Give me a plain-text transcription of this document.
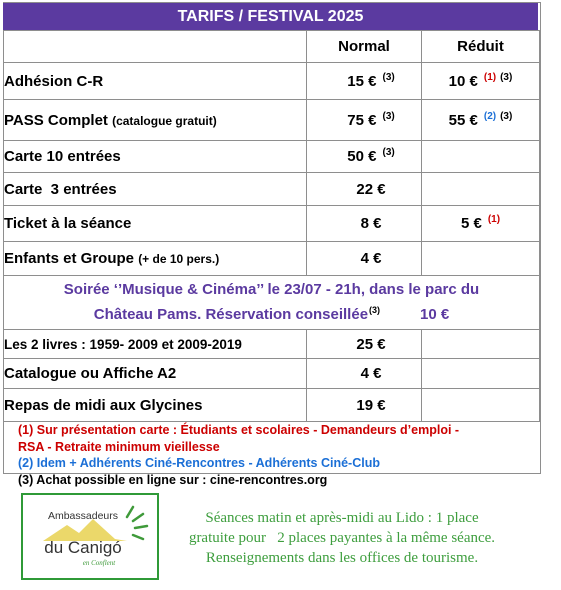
TARIFS / FESTIVAL 2025
	Normal	Réduit
Adhésion C-R	15 € $^{(3)}$	10 € $^{(1)}$ $^{(3)}$
PASS Complet (catalogue gratuit)	75 € $^{(3)}$	55 € $^{(2)}$ $^{(3)}$
Carte 10 entrées	50 € $^{(3)}$	
Carte  3 entrées	22 €	
Ticket à la séance	8 €	5 € $^{(1)}$
Enfants et Groupe (+ de 10 pers.)	4 €	

Soirée ‘’Musique & Cinéma’’ le 23/07 - 21h, dans le parc du
Château Pams. Réservation conseillée$^{(3)}$ 10 €		

Les 2 livres : 1959- 2009 et 2009-2019	25 €	
Catalogue ou Affiche A2	4 €	
Repas de midi aux Glycines	19 €	
(1) Sur présentation carte : Étudiants et scolaires - Demandeurs d’emploi -
RSA - Retraite minimum vieillesse
(2) Idem + Adhérents Ciné-Rencontres - Adhérents Ciné-Club
(3) Achat possible en ligne sur : cine-rencontres.org
Ambassadeurs
du Canigó
en Conflent
Séances matin et après-midi au Lido : 1 place
gratuite pour   2 places payantes à la même séance.
Renseignements dans les offices de tourisme.
